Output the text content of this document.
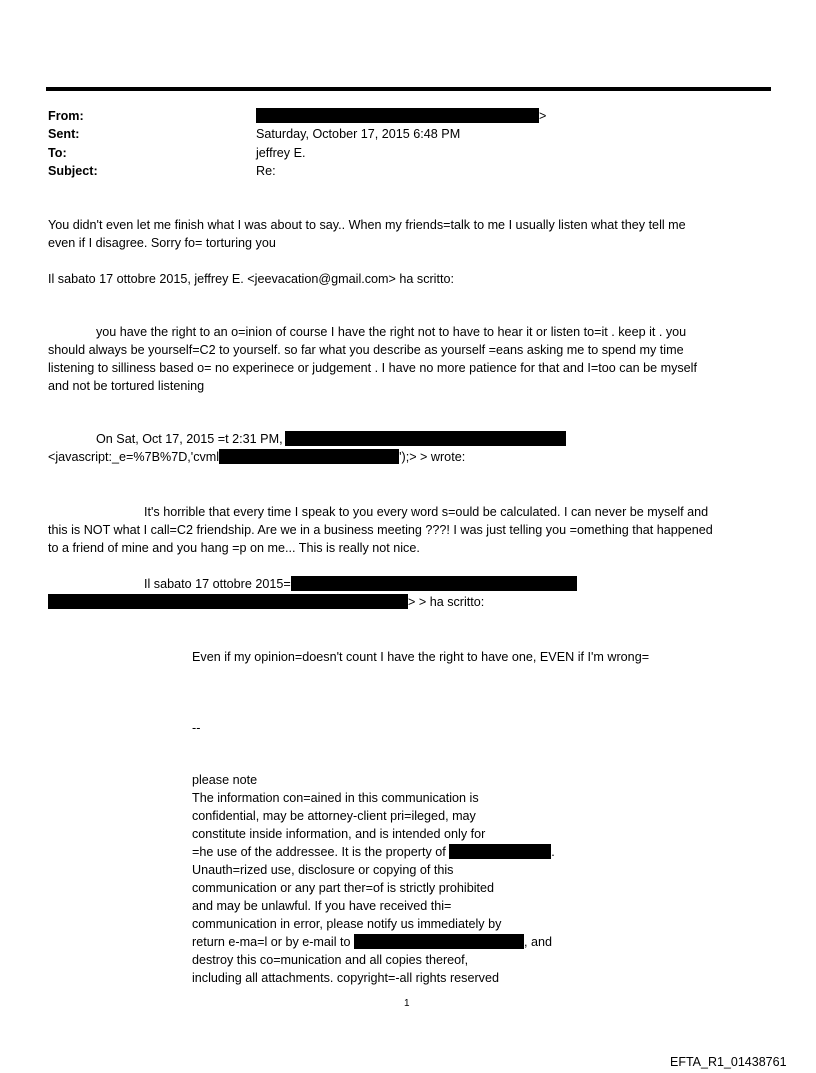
From:	>
Sent:	Saturday, October 17, 2015 6:48 PM
To:	jeffrey E.
Subject:	Re:
You didn't even let me finish what I was about to say.. When my friends=talk to me I usually listen what they tell me
even if I disagree. Sorry fo= torturing you
Il sabato 17 ottobre 2015, jeffrey E. <jeevacation@gmail.com> ha scritto:
you have the right to an o=inion of course I have the right not to have to hear it or listen to=it . keep it . you
should always be yourself=C2 to yourself. so far what you describe as yourself =eans asking me to spend my time
listening to silliness based o= no experinece or judgement . I have no more patience for that and I=too can be myself
and not be tortured listening
On Sat, Oct 17, 2015 =t 2:31 PM,
<javascript:_e=%7B%7D,'cvml	');> > wrote:
It's horrible that every time I speak to you every word s=ould be calculated. I can never be myself and
this is NOT what I call=C2 friendship. Are we in a business meeting ???! I was just telling you =omething that happened
to a friend of mine and you hang =p on me... This is really not nice.
Il sabato 17 ottobre 2015=
> > ha scritto:
Even if my opinion=doesn't count I have the right to have one, EVEN if I'm wrong=
--
please note
The information con=ained in this communication is
confidential, may be attorney-client pri=ileged, may
constitute inside information, and is intended only for
=he use of the addressee. It is the property of	.
Unauth=rized use, disclosure or copying of this
communication or any part ther=of is strictly prohibited
and may be unlawful. If you have received thi=
communication in error, please notify us immediately by
return e-ma=l or by e-mail to	, and
destroy this co=munication and all copies thereof,
including all attachments. copyright=-all rights reserved
1
EFTA_R1_01438761
